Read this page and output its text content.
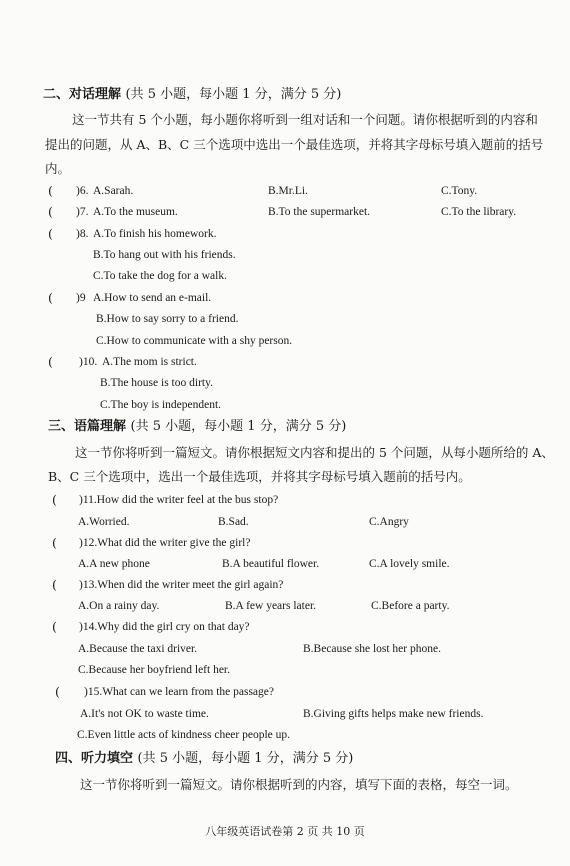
二、对话理解 (共 5 小题，每小题 1 分，满分 5 分)
这一节共有 5 个小题，每小题你将听到一组对话和一个问题。请你根据听到的内容和
提出的问题，从 A、B、C 三个选项中选出一个最佳选项，并将其字母标号填入题前的括号
内。
( )6. A.Sarah.	B.Mr.Li.	C.Tony.
( )7. A.To the museum.	B.To the supermarket.	C.To the library.
( )8. A.To finish his homework.
B.To hang out with his friends.
C.To take the dog for a walk.
( )9 A.How to send an e-mail.
B.How to say sorry to a friend.
C.How to communicate with a shy person.
( )10. A.The mom is strict.
B.The house is too dirty.
C.The boy is independent.
三、语篇理解 (共 5 小题，每小题 1 分，满分 5 分)
这一节你将听到一篇短文。请你根据短文内容和提出的 5 个问题，从每小题所给的 A、
B、C 三个选项中，选出一个最佳选项，并将其字母标号填入题前的括号内。
( )11.How did the writer feel at the bus stop?
A.Worried.	B.Sad.	C.Angry
( )12.What did the writer give the girl?
A.A new phone	B.A beautiful flower.	C.A lovely smile.
( )13.When did the writer meet the girl again?
A.On a rainy day.	B.A few years later.	C.Before a party.
( )14.Why did the girl cry on that day?
A.Because the taxi driver.	B.Because she lost her phone.
C.Because her boyfriend left her.
( )15.What can we learn from the passage?
A.It's not OK to waste time.	B.Giving gifts helps make new friends.
C.Even little acts of kindness cheer people up.
四、听力填空 (共 5 小题，每小题 1 分，满分 5 分)
这一节你将听到一篇短文。请你根据听到的内容，填写下面的表格，每空一词。
八年级英语试卷第 2 页 共 10 页
